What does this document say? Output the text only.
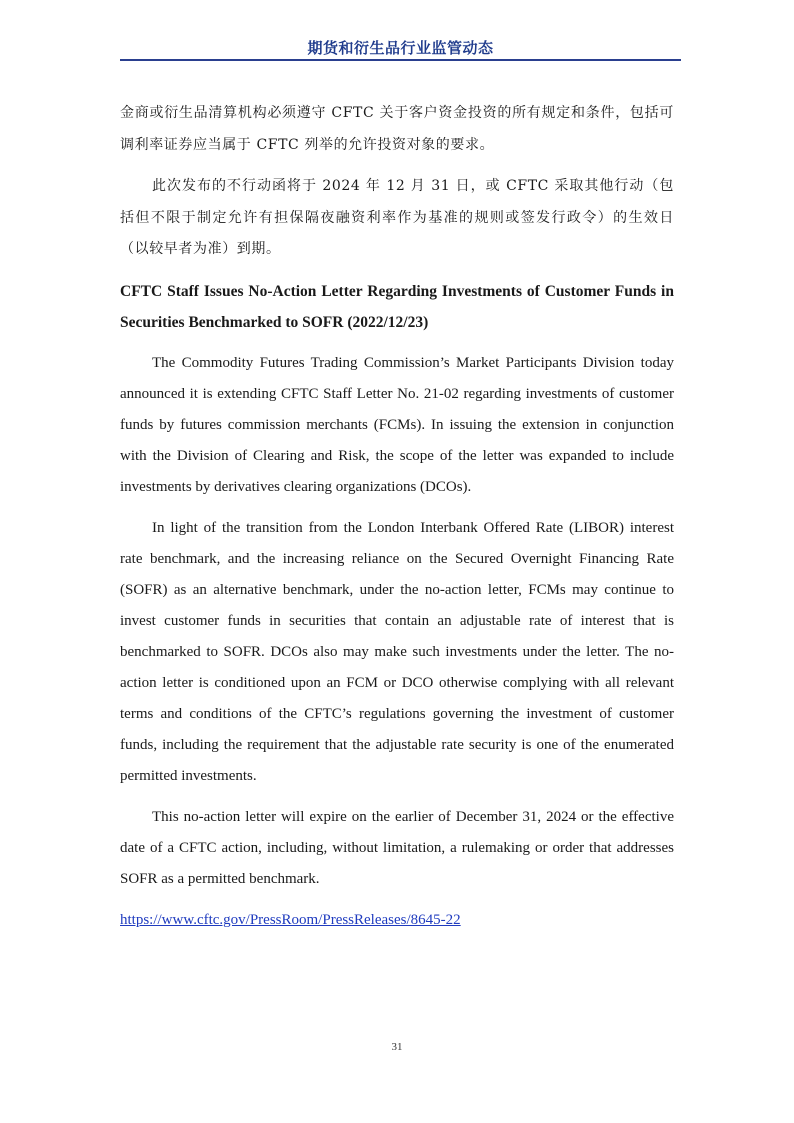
期货和衍生品行业监管动态

金商或衍生品清算机构必须遵守 CFTC 关于客户资金投资的所有规定和条件，包括可调利率证券应当属于 CFTC 列举的允许投资对象的要求。

此次发布的不行动函将于 2024 年 12 月 31 日，或 CFTC 采取其他行动（包括但不限于制定允许有担保隔夜融资利率作为基准的规则或签发行政令）的生效日（以较早者为准）到期。

CFTC Staff Issues No-Action Letter Regarding Investments of Customer Funds in Securities Benchmarked to SOFR (2022/12/23)

The Commodity Futures Trading Commission’s Market Participants Division today announced it is extending CFTC Staff Letter No. 21-02 regarding investments of customer funds by futures commission merchants (FCMs). In issuing the extension in conjunction with the Division of Clearing and Risk, the scope of the letter was expanded to include investments by derivatives clearing organizations (DCOs).

In light of the transition from the London Interbank Offered Rate (LIBOR) interest rate benchmark, and the increasing reliance on the Secured Overnight Financing Rate (SOFR) as an alternative benchmark, under the no-action letter, FCMs may continue to invest customer funds in securities that contain an adjustable rate of interest that is benchmarked to SOFR. DCOs also may make such investments under the letter. The no-action letter is conditioned upon an FCM or DCO otherwise complying with all relevant terms and conditions of the CFTC’s regulations governing the investment of customer funds, including the requirement that the adjustable rate security is one of the enumerated permitted investments.

This no-action letter will expire on the earlier of December 31, 2024 or the effective date of a CFTC action, including, without limitation, a rulemaking or order that addresses SOFR as a permitted benchmark.

https://www.cftc.gov/PressRoom/PressReleases/8645-22
31
